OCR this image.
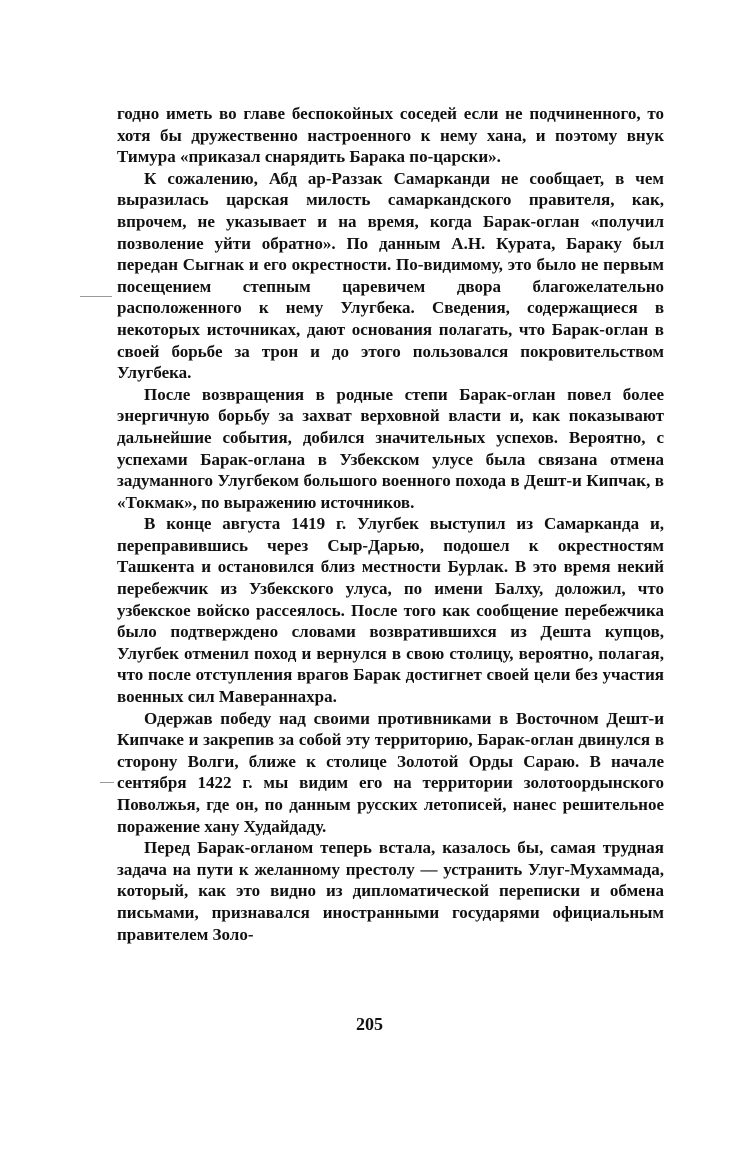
годно иметь во главе беспокойных соседей если не подчиненного, то хотя бы дружественно настроенного к нему хана, и поэтому внук Тимура «приказал снарядить Барака по-царски».

К сожалению, Абд ар-Раззак Самарканди не сообщает, в чем выразилась царская милость самаркандского правителя, как, впрочем, не указывает и на время, когда Барак-оглан «получил позволение уйти обратно». По данным А.Н. Курата, Бараку был передан Сыгнак и его окрестности. По-видимому, это было не первым посещением степным царевичем двора благожелательно расположенного к нему Улугбека. Сведения, содержащиеся в некоторых источниках, дают основания полагать, что Барак-оглан в своей борьбе за трон и до этого пользовался покровительством Улугбека.

После возвращения в родные степи Барак-оглан повел более энергичную борьбу за захват верховной власти и, как показывают дальнейшие события, добился значительных успехов. Вероятно, с успехами Барак-оглана в Узбекском улусе была связана отмена задуманного Улугбеком большого военного похода в Дешт-и Кипчак, в «Токмак», по выражению источников.

В конце августа 1419 г. Улугбек выступил из Самарканда и, переправившись через Сыр-Дарью, подошел к окрестностям Ташкента и остановился близ местности Бурлак. В это время некий перебежчик из Узбекского улуса, по имени Балху, доложил, что узбекское войско рассеялось. После того как сообщение перебежчика было подтверждено словами возвратившихся из Дешта купцов, Улугбек отменил поход и вернулся в свою столицу, вероятно, полагая, что после отступления врагов Барак достигнет своей цели без участия военных сил Мавераннахра.

Одержав победу над своими противниками в Восточном Дешт-и Кипчаке и закрепив за собой эту территорию, Барак-оглан двинулся в сторону Волги, ближе к столице Золотой Орды Сараю. В начале сентября 1422 г. мы видим его на территории золотоордынского Поволжья, где он, по данным русских летописей, нанес решительное поражение хану Худайдаду.

Перед Барак-огланом теперь встала, казалось бы, самая трудная задача на пути к желанному престолу — устранить Улуг-Мухаммада, который, как это видно из дипломатической переписки и обмена письмами, признавался иностранными государями официальным правителем Золо-

205
